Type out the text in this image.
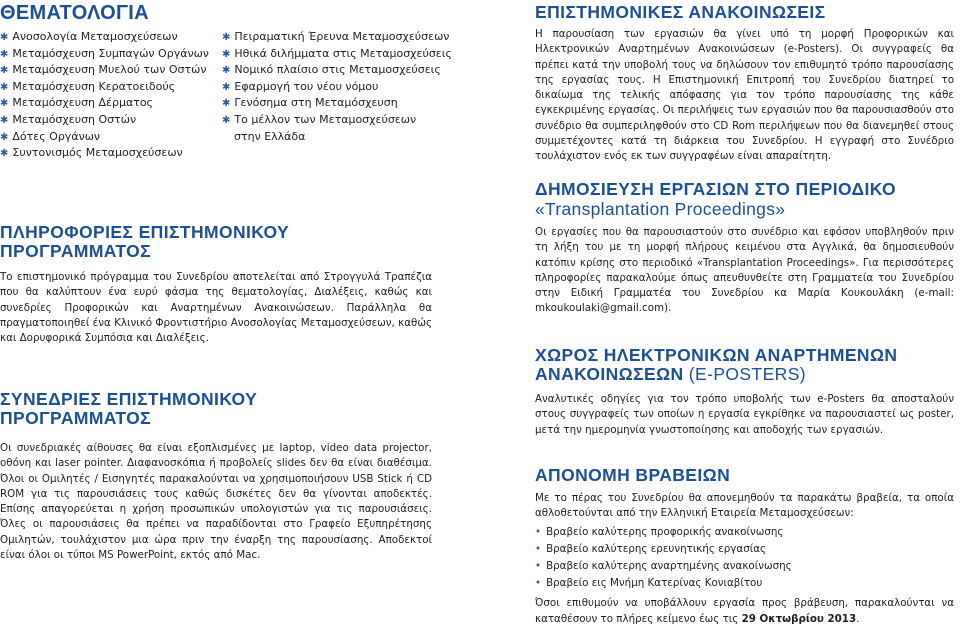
ΘΕΜΑΤΟΛΟΓΙΑ
✱ Ανοσολογία Μεταμοσχεύσεων
✱ Μεταμόσχευση Συμπαγών Οργάνων
✱ Μεταμόσχευση Μυελού των Οστών
✱ Μεταμόσχευση Κερατοειδούς
✱ Μεταμόσχευση Δέρματος
✱ Μεταμόσχευση Οστών
✱ Δότες Οργάνων
✱ Συντονισμός Μεταμοσχεύσεων
✱ Πειραματική Έρευνα Μεταμοσχεύσεων
✱ Ηθικά διλήμματα στις Μεταμοσχεύσεις
✱ Νομικό πλαίσιο στις Μεταμοσχεύσεις
✱ Εφαρμογή του νέου νόμου
✱ Γενόσημα στη Μεταμόσχευση
✱ Το μέλλον των Μεταμοσχεύσεων
στην Ελλάδα
ΠΛΗΡΟΦΟΡΙΕΣ ΕΠΙΣΤΗΜΟΝΙΚΟΥ
ΠΡΟΓΡΑΜΜΑΤΟΣ

Το επιστημονικό πρόγραμμα του Συνεδρίου αποτελείται από Στρογγυλά Τραπέζια που θα καλύπτουν ένα ευρύ φάσμα της θεματολογίας, Διαλέξεις, καθώς και συνεδρίες Προφορικών και Αναρτημένων Ανακοινώσεων. Παράλληλα θα πραγματοποιηθεί ένα Κλινικό Φροντιστήριο Ανοσολογίας Μεταμοσχεύσεων, καθώς και Δορυφορικά Συμπόσια και Διαλέξεις.

ΣΥΝΕΔΡΙΕΣ ΕΠΙΣΤΗΜΟΝΙΚΟΥ
ΠΡΟΓΡΑΜΜΑΤΟΣ

Οι συνεδριακές αίθουσες θα είναι εξοπλισμένες με laptop, video data projector, οθόνη και laser pointer. Διαφανοσκόπια ή προβολείς slides δεν θα είναι διαθέσιμα. Όλοι οι Ομιλητές / Εισηγητές παρακαλούνται να χρησιμοποιήσουν USB Stick ή CD ROM για τις παρουσιάσεις τους καθώς δισκέτες δεν θα γίνονται αποδεκτές. Επίσης απαγορεύεται η χρήση προσωπικών υπολογιστών για τις παρουσιάσεις. Όλες οι παρουσιάσεις θα πρέπει να παραδίδονται στο Γραφείο Εξυπηρέτησης Ομιλητών, τουλάχιστον μια ώρα πριν την έναρξη της παρουσίασης. Αποδεκτοί είναι όλοι οι τύποι MS PowerPoint, εκτός από Mac.

ΕΠΙΣΤΗΜΟΝΙΚΕΣ ΑΝΑΚΟΙΝΩΣΕΙΣ

Η παρουσίαση των εργασιών θα γίνει υπό τη μορφή Προφορικών και Ηλεκτρονικών Αναρτημένων Ανακοινώσεων (e-Posters). Οι συγγραφείς θα πρέπει κατά την υποβολή τους να δηλώσουν τον επιθυμητό τρόπο παρουσίασης της εργασίας τους. Η Επιστημονική Επιτροπή του Συνεδρίου διατηρεί το δικαίωμα της τελικής απόφασης για τον τρόπο παρουσίασης της κάθε εγκεκριμένης εργασίας. Οι περιλήψεις των εργασιών που θα παρουσιασθούν στο συνέδριο θα συμπεριληφθούν στο CD Rom περιλήψεων που θα διανεμηθεί στους συμμετέχοντες κατά τη διάρκεια του Συνεδρίου. Η εγγραφή στο Συνέδριο τουλάχιστον ενός εκ των συγγραφέων είναι απαραίτητη.

ΔΗΜΟΣΙΕΥΣΗ ΕΡΓΑΣΙΩΝ ΣΤΟ ΠΕΡΙΟΔΙΚΟ
«Transplantation Proceedings»

Οι εργασίες που θα παρουσιαστούν στο συνέδριο και εφόσον υποβληθούν πριν τη λήξη του με τη μορφή πλήρους κειμένου στα Αγγλικά, θα δημοσιευθούν κατόπιν κρίσης στο περιοδικό «Transplantation Proceedings». Για περισσότερες πληροφορίες παρακαλούμε όπως απευθυνθείτε στη Γραμματεία του Συνεδρίου στην Ειδική Γραμματέα του Συνεδρίου κα Μαρία Κουκουλάκη (e-mail: mkoukoulaki@gmail.com).

ΧΩΡΟΣ ΗΛΕΚΤΡΟΝΙΚΩΝ ΑΝΑΡΤΗΜΕΝΩΝ
ΑΝΑΚΟΙΝΩΣΕΩΝ (E-POSTERS)

Αναλυτικές οδηγίες για τον τρόπο υποβολής των e-Posters θα αποσταλούν στους συγγραφείς των οποίων η εργασία εγκρίθηκε να παρουσιαστεί ως poster, μετά την ημερομηνία γνωστοποίησης και αποδοχής των εργασιών.

ΑΠΟΝΟΜΗ ΒΡΑΒΕΙΩΝ

Με το πέρας του Συνεδρίου θα απονεμηθούν τα παρακάτω βραβεία, τα οποία αθλοθετούνται από την Ελληνική Εταιρεία Μεταμοσχεύσεων:

• Βραβείο καλύτερης προφορικής ανακοίνωσης
• Βραβείο καλύτερης ερευνητικής εργασίας
• Βραβείο καλύτερης αναρτημένης ανακοίνωσης
• Βραβείο εις Μνήμη Κατερίνας Κονιαβίτου

Όσοι επιθυμούν να υποβάλλουν εργασία προς βράβευση, παρακαλούνται να καταθέσουν το πλήρες κείμενο έως τις 29 Οκτωβρίου 2013.
